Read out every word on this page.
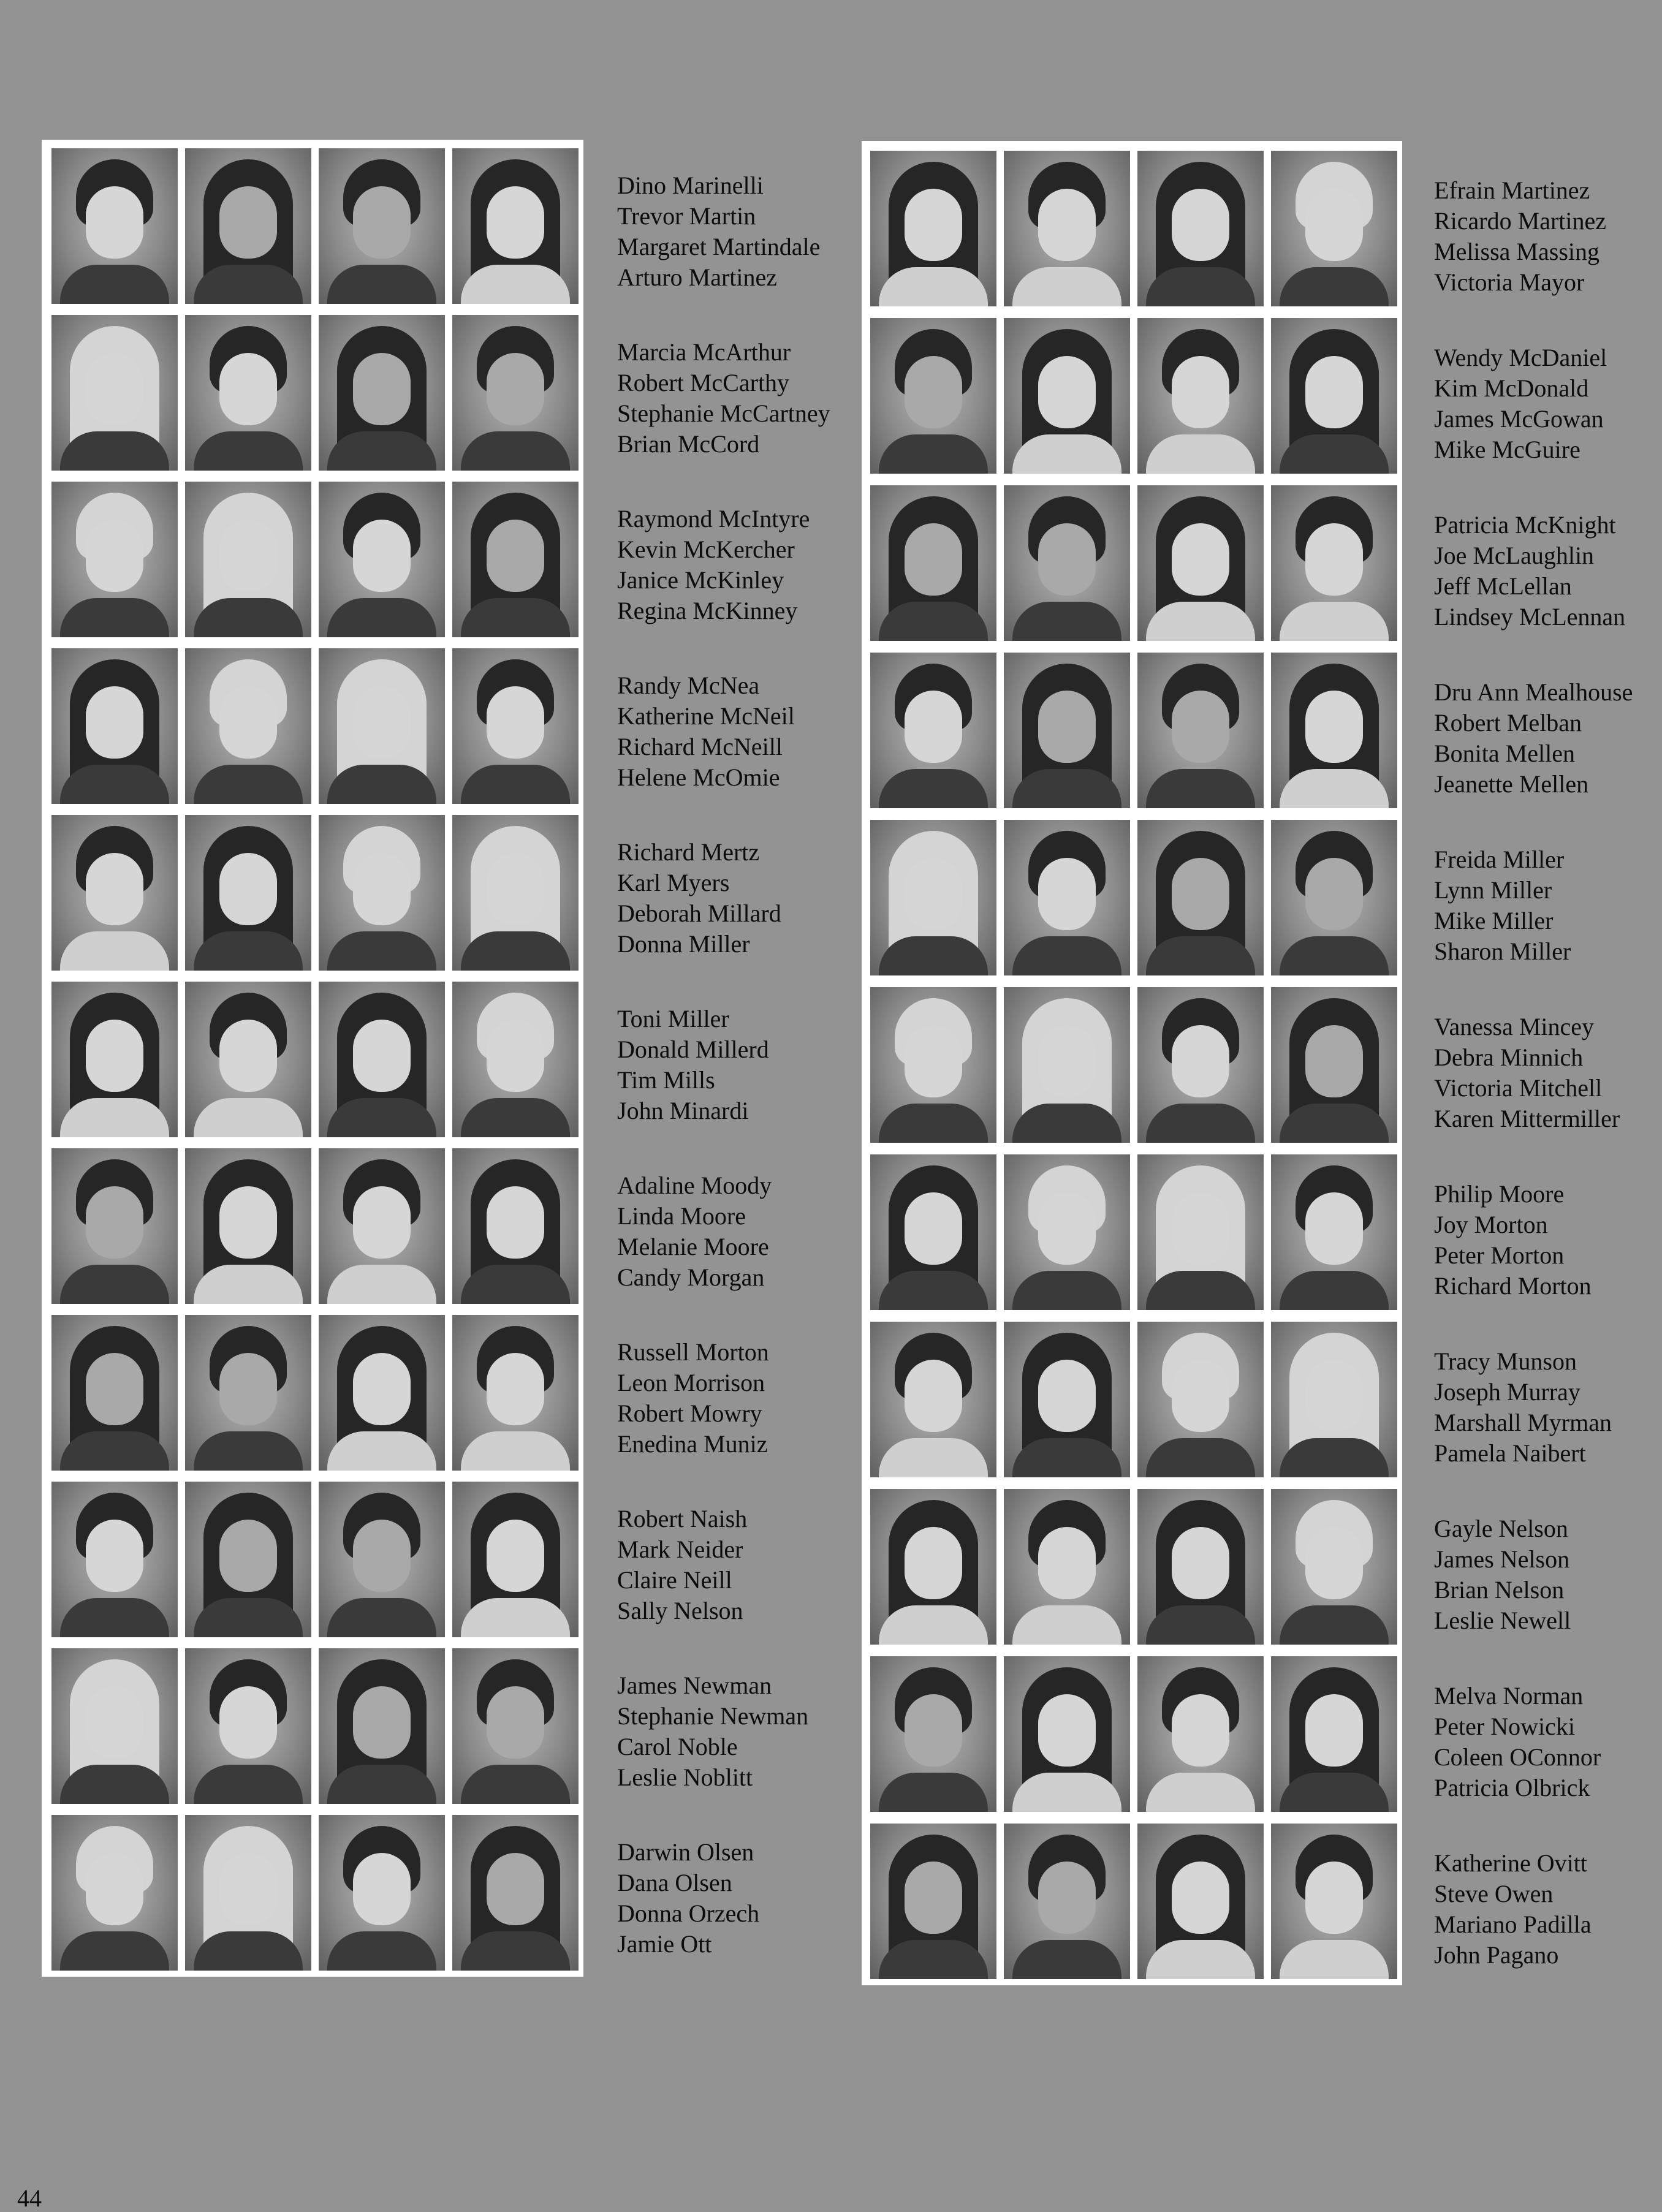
Dino Marinelli
Trevor Martin
Margaret Martindale
Arturo Martinez
Marcia McArthur
Robert McCarthy
Stephanie McCartney
Brian McCord
Raymond McIntyre
Kevin McKercher
Janice McKinley
Regina McKinney
Randy McNea
Katherine McNeil
Richard McNeill
Helene McOmie
Richard Mertz
Karl Myers
Deborah Millard
Donna Miller
Toni Miller
Donald Millerd
Tim Mills
John Minardi
Adaline Moody
Linda Moore
Melanie Moore
Candy Morgan
Russell Morton
Leon Morrison
Robert Mowry
Enedina Muniz
Robert Naish
Mark Neider
Claire Neill
Sally Nelson
James Newman
Stephanie Newman
Carol Noble
Leslie Noblitt
Darwin Olsen
Dana Olsen
Donna Orzech
Jamie Ott
Efrain Martinez
Ricardo Martinez
Melissa Massing
Victoria Mayor
Wendy McDaniel
Kim McDonald
James McGowan
Mike McGuire
Patricia McKnight
Joe McLaughlin
Jeff McLellan
Lindsey McLennan
Dru Ann Mealhouse
Robert Melban
Bonita Mellen
Jeanette Mellen
Freida Miller
Lynn Miller
Mike Miller
Sharon Miller
Vanessa Mincey
Debra Minnich
Victoria Mitchell
Karen Mittermiller
Philip Moore
Joy Morton
Peter Morton
Richard Morton
Tracy Munson
Joseph Murray
Marshall Myrman
Pamela Naibert
Gayle Nelson
James Nelson
Brian Nelson
Leslie Newell
Melva Norman
Peter Nowicki
Coleen OConnor
Patricia Olbrick
Katherine Ovitt
Steve Owen
Mariano Padilla
John Pagano
44
